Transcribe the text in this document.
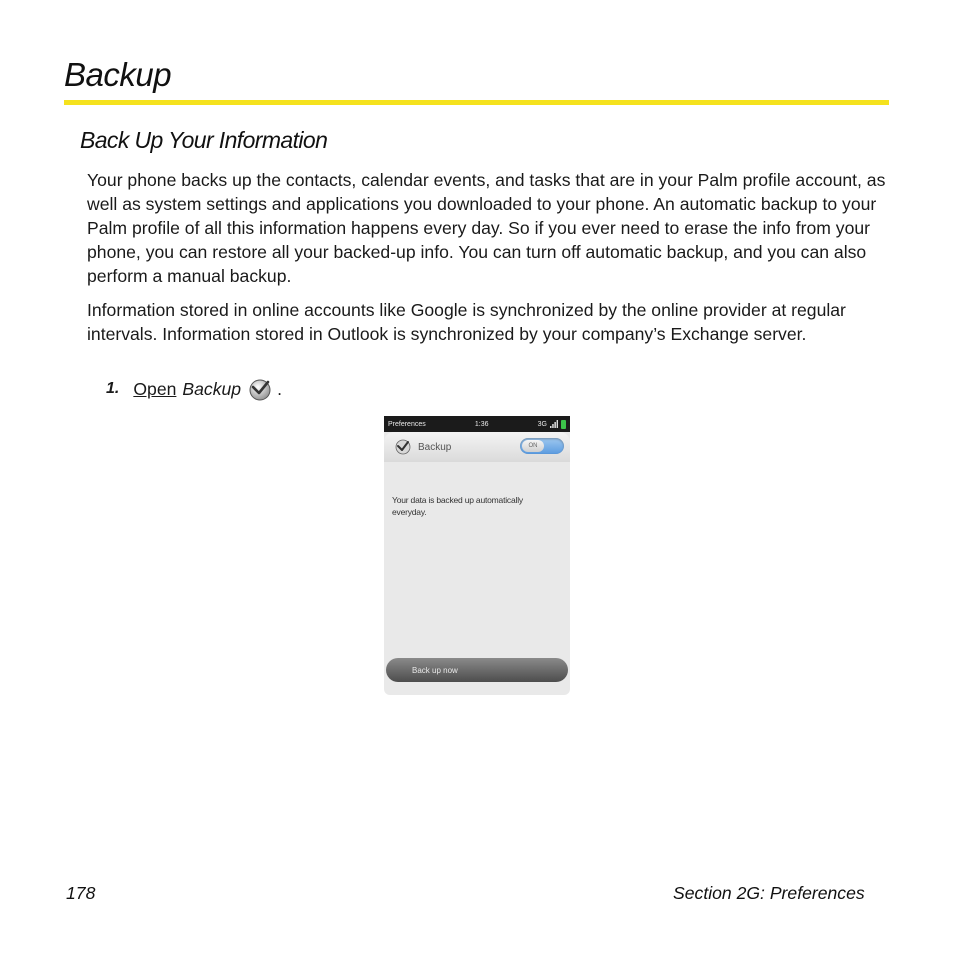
Backup
Back Up Your Information
Your phone backs up the contacts, calendar events, and tasks that are in your Palm profile account, as well as system settings and applications you downloaded to your phone. An automatic backup to your Palm profile of all this information happens every day. So if you ever need to erase the info from your phone, you can restore all your backed-up info. You can turn off automatic backup, and you can also perform a manual backup.
Information stored in online accounts like Google is synchronized by the online provider at regular intervals. Information stored in Outlook is synchronized by your company’s Exchange server.
1. Open Backup .
Preferences	1:36	3G
Backup	ON
Your data is backed up automatically everyday.
Back up now
178	Section 2G: Preferences
